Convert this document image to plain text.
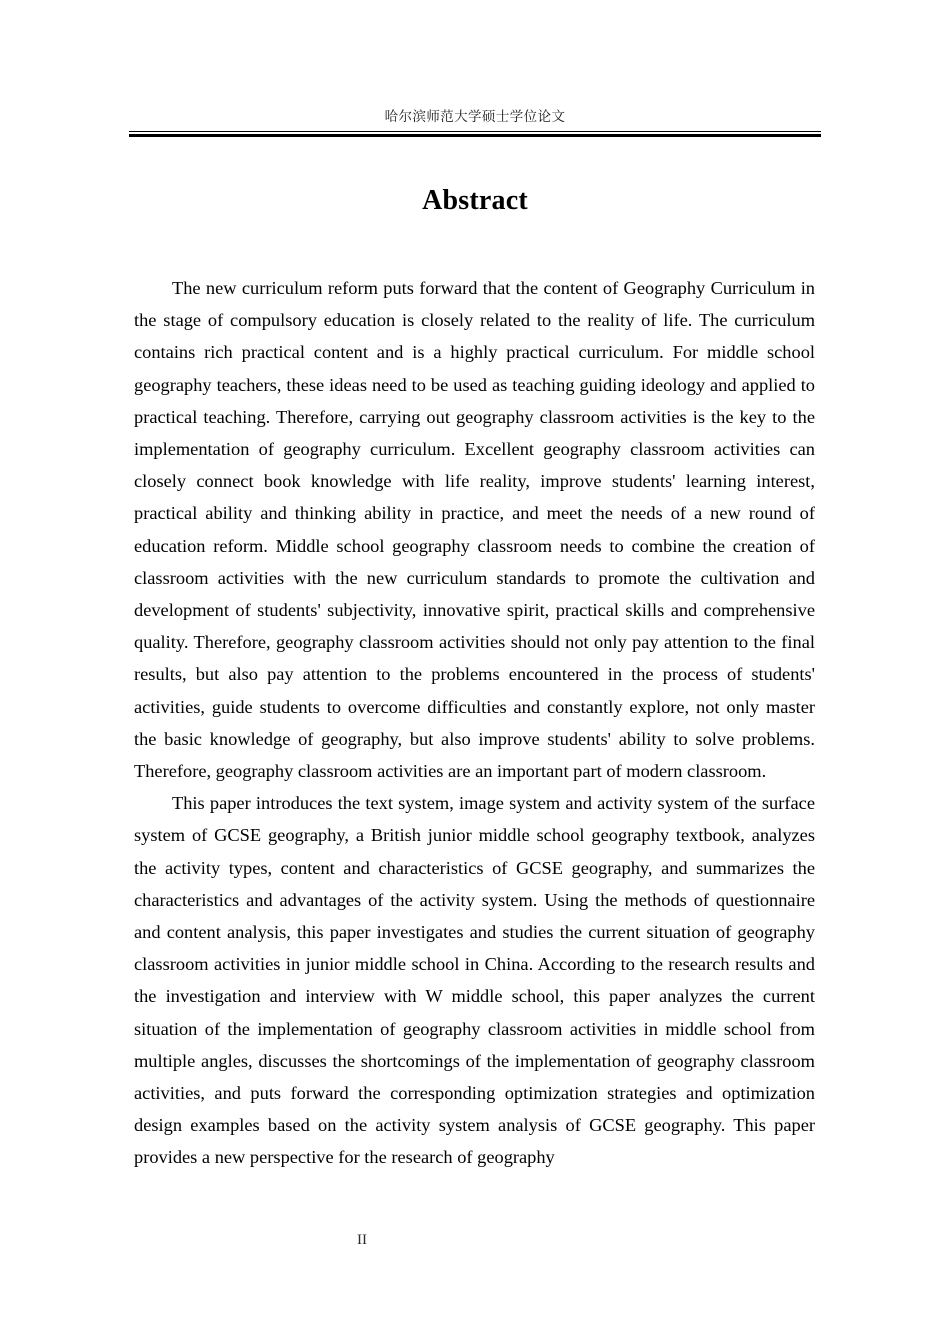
哈尔滨师范大学硕士学位论文
Abstract

The new curriculum reform puts forward that the content of Geography Curriculum in the stage of compulsory education is closely related to the reality of life. The curriculum contains rich practical content and is a highly practical curriculum. For middle school geography teachers, these ideas need to be used as teaching guiding ideology and applied to practical teaching. Therefore, carrying out geography classroom activities is the key to the implementation of geography curriculum. Excellent geography classroom activities can closely connect book knowledge with life reality, improve students' learning interest, practical ability and thinking ability in practice, and meet the needs of a new round of education reform. Middle school geography classroom needs to combine the creation of classroom activities with the new curriculum standards to promote the cultivation and development of students' subjectivity, innovative spirit, practical skills and comprehensive quality. Therefore, geography classroom activities should not only pay attention to the final results, but also pay attention to the problems encountered in the process of students' activities, guide students to overcome difficulties and constantly explore, not only master the basic knowledge of geography, but also improve students' ability to solve problems. Therefore, geography classroom activities are an important part of modern classroom.

This paper introduces the text system, image system and activity system of the surface system of GCSE geography, a British junior middle school geography textbook, analyzes the activity types, content and characteristics of GCSE geography, and summarizes the characteristics and advantages of the activity system. Using the methods of questionnaire and content analysis, this paper investigates and studies the current situation of geography classroom activities in junior middle school in China. According to the research results and the investigation and interview with W middle school, this paper analyzes the current situation of the implementation of geography classroom activities in middle school from multiple angles, discusses the shortcomings of the implementation of geography classroom activities, and puts forward the corresponding optimization strategies and optimization design examples based on the activity system analysis of GCSE geography. This paper provides a new perspective for the research of geography

II
